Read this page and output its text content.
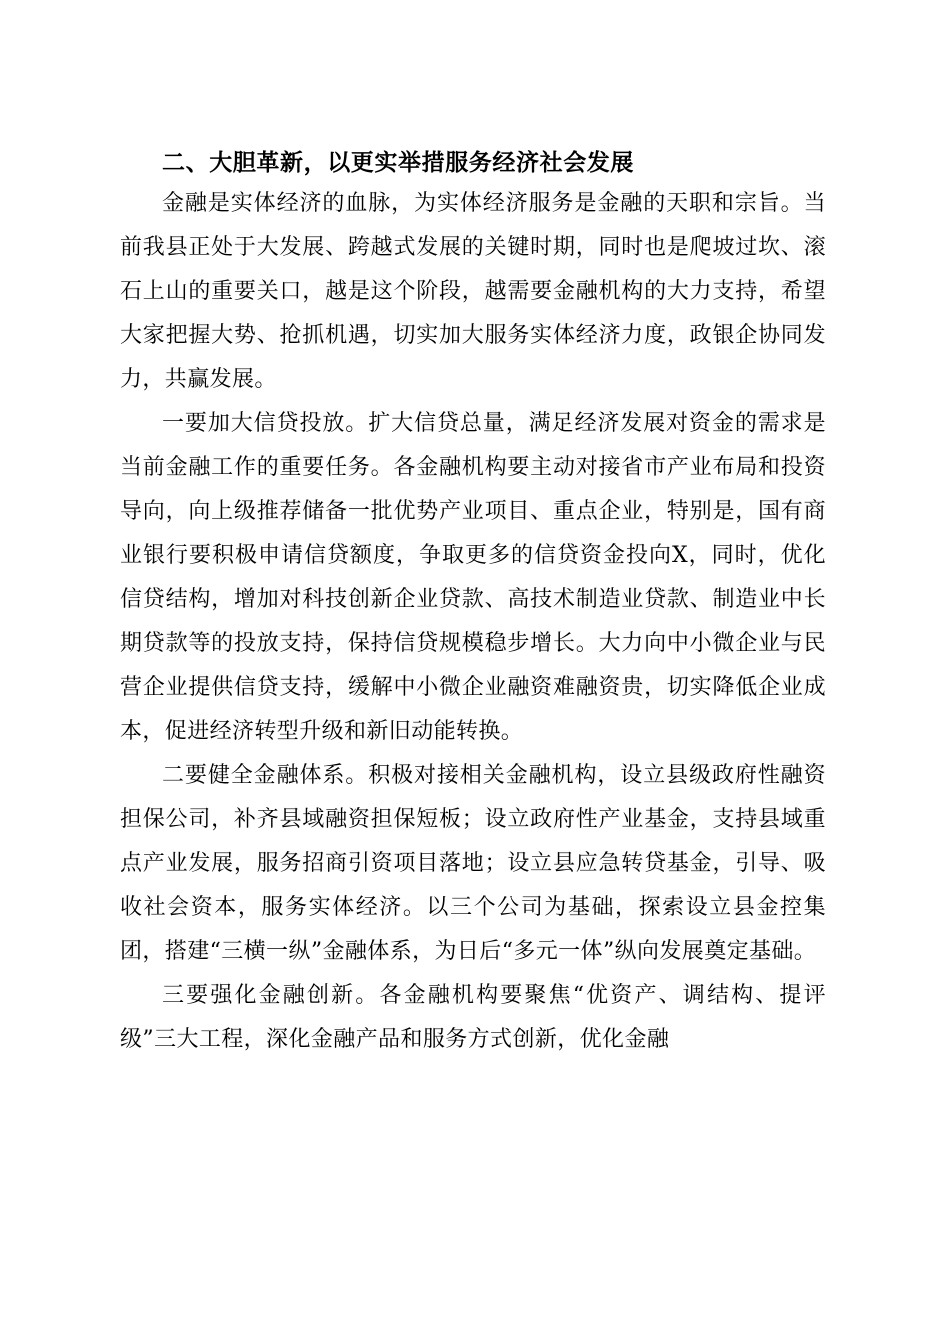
二、大胆革新，以更实举措服务经济社会发展

金融是实体经济的血脉，为实体经济服务是金融的天职和宗旨。当前我县正处于大发展、跨越式发展的关键时期，同时也是爬坡过坎、滚石上山的重要关口，越是这个阶段，越需要金融机构的大力支持，希望大家把握大势、抢抓机遇，切实加大服务实体经济力度，政银企协同发力，共赢发展。

一要加大信贷投放。扩大信贷总量，满足经济发展对资金的需求是当前金融工作的重要任务。各金融机构要主动对接省市产业布局和投资导向，向上级推荐储备一批优势产业项目、重点企业，特别是，国有商业银行要积极申请信贷额度，争取更多的信贷资金投向X，同时，优化信贷结构，增加对科技创新企业贷款、高技术制造业贷款、制造业中长期贷款等的投放支持，保持信贷规模稳步增长。大力向中小微企业与民营企业提供信贷支持，缓解中小微企业融资难融资贵，切实降低企业成本，促进经济转型升级和新旧动能转换。

二要健全金融体系。积极对接相关金融机构，设立县级政府性融资担保公司，补齐县域融资担保短板；设立政府性产业基金，支持县域重点产业发展，服务招商引资项目落地；设立县应急转贷基金，引导、吸收社会资本，服务实体经济。以三个公司为基础，探索设立县金控集团，搭建“三横一纵”金融体系，为日后“多元一体”纵向发展奠定基础。

三要强化金融创新。各金融机构要聚焦“优资产、调结构、提评级”三大工程，深化金融产品和服务方式创新，优化金融
